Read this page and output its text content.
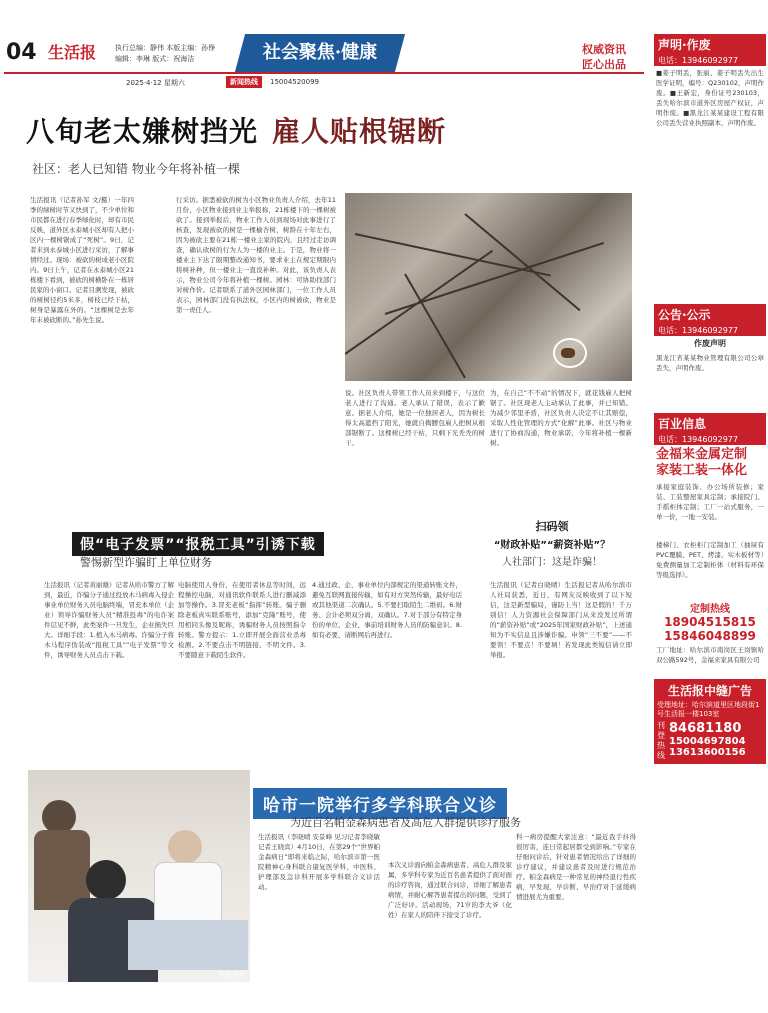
04 生活报	执行总编：静伟 本版主编：孙铮
编辑：李琳 版式：祝海洁	社会聚焦·健康	权威资讯
匠心出品
2025·4·12 星期六	新闻热线	15004520099
八旬老太嫌树挡光 雇人贴根锯断
社区：老人已知错 物业今年将补植一棵
生活报讯（记者孙军 文/摄）一年四季的绿树时节又快到了，不少单位和市民都在进行春季绿化时，却有市民反映，道外区永泰城小区却有人把小区内一棵树锯成了“死树”。9日，记者来到永泰城小区进行采访，了解事情经过。现场：被砍的树成老小区院内。9日上午，记者在永泰城小区21栋楼下看到，被砍的树横卧在一栋居民家的小窗口。记者目测发现，被砍的树树径约5米多，树枝已经干枯，树身是暴露在外的。“这棵树是去年年末被砍断的。”孙先生说。
行采访。据悉被砍的树为小区物业负责人介绍，去年11月份，小区物业接到业主举报称，21栋楼下的一棵树被砍了。接到举报后，物业工作人员到现场对此事进行了核查，发现被砍的树是一棵榆杏树，树龄在十年左右，因为被砍主要在21栋一楼业主家的院内，且经过走访调查，确认砍树的行为人为一楼的业主。于是，物业将一楼业主下达了限期整改通知书，要求业主在规定期限内将树补种，但一楼业主一直没补种。对此，该负责人表示，物业公司今年将补植一棵树。园林：可协助找部门对树作价。记者联系了道外区园林部门，一位工作人员表示，园林部门没有执法权，小区内的树被砍，物业是第一责任人。
说。社区负责人带领工作人员来到楼下，与这位老人进行了沟通。老人承认了错误，表示了歉意。据老人介绍，她是一位独居老人，因为树长得太高遮挡了阳光，她就自掏腰包雇人把树从根部锯断了。这棵树已经干枯，只剩下光秃秃的树干。
为，在自己“不不动”的情况下，就花钱雇人把树锯了。社区现老人主动承认了此事，并已知错。为减少邻里矛盾，社区负责人决定不让其赔偿，采取人性化管理的方式“化解”此事。社区与物业进行了协商沟通，物业承诺，今年将补植一棵新树。
假“电子发票”“报税工具”引诱下载
警惕新型诈骗盯上单位财务
扫码领
“财政补贴”“薪资补贴”？
人社部门：这是诈骗！
生活报讯（记者黄丽雄）记者从哈市警方了解到，最近，诈骗分子通过投放木马病毒入侵企事业单位财务人员电脑终端，冒充本单位（企业）领导诈骗财务人员“精准投毒”的电诈案件层见不鲜，此类案件一旦发生，企业损失巨大。详细手段：1.植入木马病毒。诈骗分子将木马程序伪装成“报税工具”“电子发票”等文件，诱导财务人员点击下载。
电脑使用人身份，在使用者休息等时间，远程操控电脑，对通讯软件联系人进行删减添加等操作。3.冒充老板“指挥”转账。骗子删除老板真实联系账号，添加“克隆”账号，使用相同头像及昵称，诱骗财务人员按照指令转账。警方提示：1.立即开展全面营业杀毒检测。2.不要点击不明链接、不明文件。3.不要随意下载陌生软件。
4.通过政、企、事业单位内部规定的渠道转账文件，避免互联网直接传输，如有对方突然传输，最好电话或其他渠道二次确认。5.不要扫取陌生二维码。6.财务、会计必须双分离，双确认。7.对于部分有特定身份的单位、企业，事前培训财务人员的防骗意识。8.如有必要，请断网后再进行。
生活报讯（记者白晓晴）生活报记者从哈尔滨市人社局获悉，近日，有网友反映收到了以下短信，这是新型骗局，谨防上当！这是假的！千万别信！人力资源社会保障部门从来没发过所谓的“薪资补贴”或“2025年国家财政补贴”，上述通知为不实信息且涉嫌诈骗。申领“三不要”——不要领！不要点！不要填！若发现此类短信请立即举报。
医院提供
哈市一院举行多学科联合义诊
为近百名帕金森病患者及高危人群提供诊疗服务
生活报讯（李晓晴 安景峰 见习记者李晓敏 记者王晓宾）4月10日，在第29个“世界帕金森病日”即将来临之际，哈尔滨市第一医院精神心身科联合康复医学科、中医科、护理部及急诊科开展多学科联合义诊活动。
本次义诊面向帕金森病患者、高危人群及家属，多学科专家为近百名患者提供了面对面的诊疗咨询，通过联合问诊，详细了解患者病情，并耐心解答患者提出的问题，受到了广泛好评。活动现场，71岁的李大爷（化姓）在家人的陪伴下接受了诊疗。
科一病房提醒大家注意：“最近我手抖得很厉害，连日常起居都受到影响。”专家在仔细问诊后，针对患者情况给出了详细的诊疗建议，并建议患者及时进行规范治疗。帕金森病是一种常见的神经退行性疾病，早发现、早诊断、早治疗对于延缓病情进展尤为重要。
声明·作废
电话：13946092977
■姜子明丢，张丽、姜子明丢失出生医学证明，编号：Q230102，声明作废。■王新宏，身份证号230103，丢失哈尔滨市道外区房屋产权证，声明作废。■黑龙江某某建设工程有限公司丢失营业执照副本，声明作废。
公告·公示
电话：13946092977
作废声明
黑龙江省某某物业管理有限公司公章丢失，声明作废。
百业信息
电话：13946092977
金福来金属定制
家装工装一体化
承接家庭装饰、办公场所装修；家装、工装整屋家具定制；承接院门、手摇柜体定制；工厂一站式服务，一单一价，一地一安装。
楼梯门、衣柜柜门定制加工（抽屉有PVC覆膜、PET、烤漆、实木板材等）免费测量加工定制柜体（材料有环保等级选择）。
定制热线
18904515815
15846048899
工厂地址：哈尔滨市南岗区王岗镇哈双公路592号，金福来家具有限公司
生活报中缝广告
受理地址：哈尔滨道里区地段街1号生活报一楼103室
刊登热线
84681180
15004697804
13613600156
